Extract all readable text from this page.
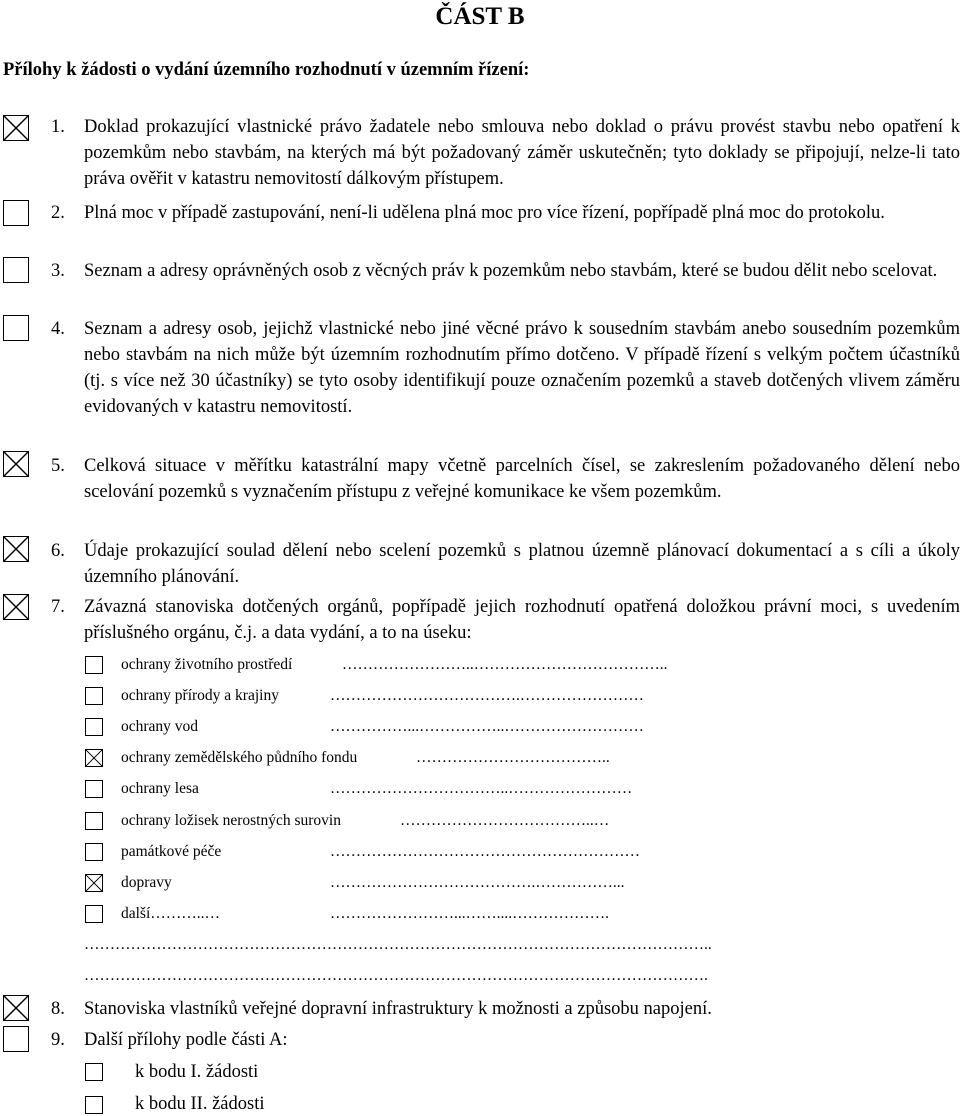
ČÁST B
Přílohy k žádosti o vydání územního rozhodnutí v územním řízení:
1. Doklad prokazující vlastnické právo žadatele nebo smlouva nebo doklad o právu provést stavbu nebo opatření k pozemkům nebo stavbám, na kterých má být požadovaný záměr uskutečněn; tyto doklady se připojují, nelze-li tato práva ověřit v katastru nemovitostí dálkovým přístupem.
2. Plná moc v případě zastupování, není-li udělena plná moc pro více řízení, popřípadě plná moc do protokolu.
3. Seznam a adresy oprávněných osob z věcných práv k pozemkům nebo stavbám, které se budou dělit nebo scelovat.
4. Seznam a adresy osob, jejichž vlastnické nebo jiné věcné právo k sousedním stavbám anebo sousedním pozemkům nebo stavbám na nich může být územním rozhodnutím přímo dotčeno. V případě řízení s velkým počtem účastníků (tj. s více než 30 účastníky) se tyto osoby identifikují pouze označením pozemků a staveb dotčených vlivem záměru evidovaných v katastru nemovitostí.
5. Celková situace v měřítku katastrální mapy včetně parcelních čísel, se zakreslením požadovaného dělení nebo scelování pozemků s vyznačením přístupu z veřejné komunikace ke všem pozemkům.
6. Údaje prokazující soulad dělení nebo scelení pozemků s platnou územně plánovací dokumentací a s cíli a úkoly územního plánování.
7. Závazná stanoviska dotčených orgánů, popřípadě jejich rozhodnutí opatřená doložkou právní moci, s uvedením příslušného orgánu, č.j. a data vydání, a to na úseku:
ochrany životního prostředí	……………………..………………………………..
ochrany přírody a krajiny	……………………………….……………………
ochrany vod	……………...……………..………………………
ochrany zemědělského půdního fondu	………………………………..
ochrany lesa	……………………………..……………………
ochrany ložisek nerostných surovin	………………………………..…
památkové péče	……………………………………………………
dopravy	………………………………….……………...
další………..…	……………………...……....……………….
…………………………………………………………………………………………………………..
………………………………………………………………………………………………………….
8. Stanoviska vlastníků veřejné dopravní infrastruktury k možnosti a způsobu napojení.
9. Další přílohy podle části A:
k bodu I. žádosti
k bodu II. žádosti
